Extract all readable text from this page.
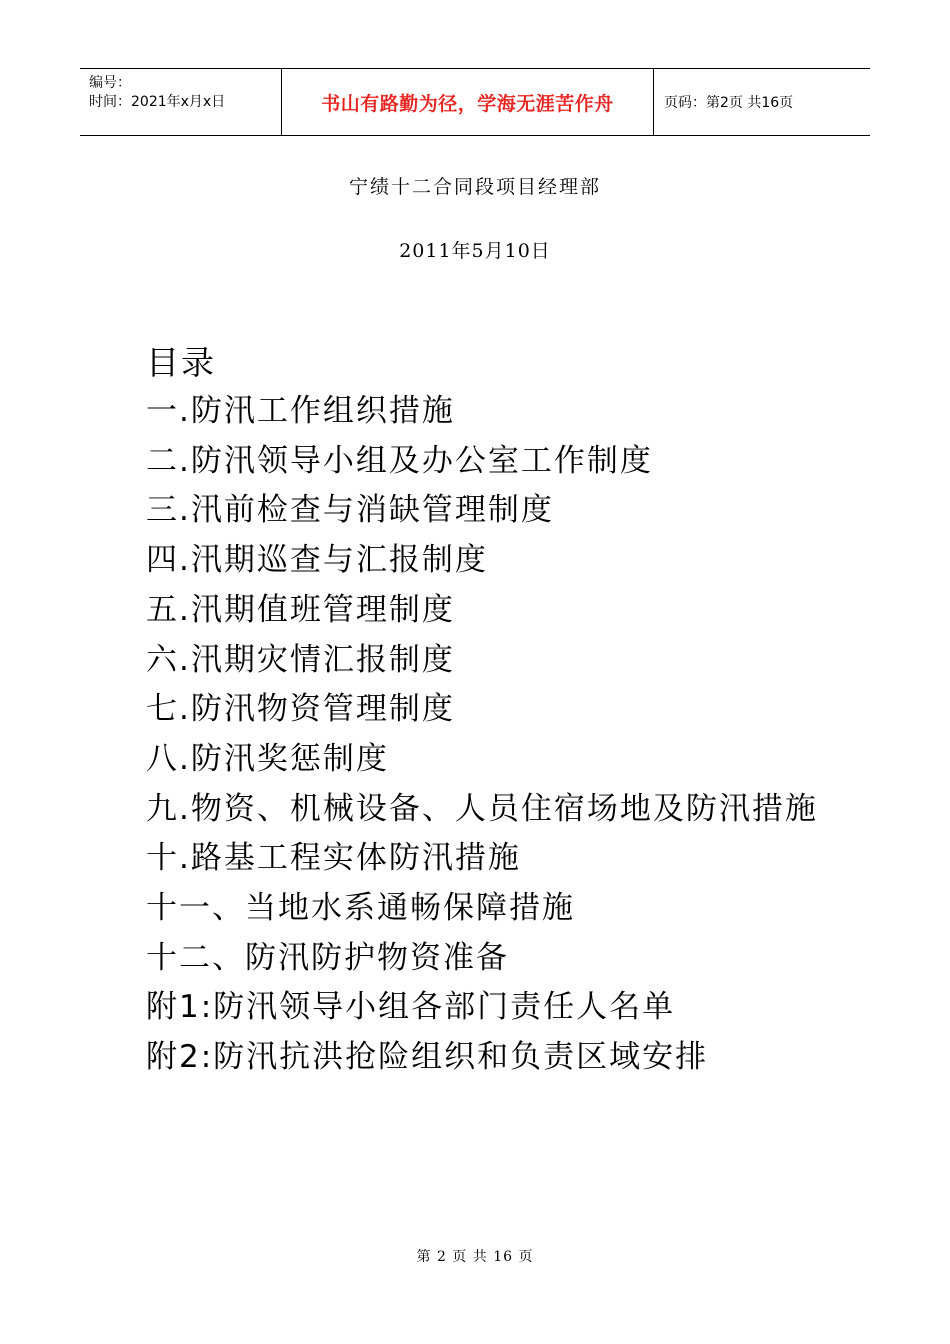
编号：
时间：2021年x月x日	书山有路勤为径，学海无涯苦作舟	页码：第2页 共16页
宁绩十二合同段项目经理部
2011年5月10日
目录
一. 防汛工作组织措施
二. 防汛领导小组及办公室工作制度
三. 汛前检查与消缺管理制度
四. 汛期巡查与汇报制度
五. 汛期值班管理制度
六. 汛期灾情汇报制度
七. 防汛物资管理制度
八. 防汛奖惩制度
九. 物资、机械设备、人员住宿场地及防汛措施
十. 路基工程实体防汛措施
十一、 当地水系通畅保障措施
十二、 防汛防护物资准备
附1: 防汛领导小组各部门责任人名单
附2: 防汛抗洪抢险组织和负责区域安排
第 2 页 共 16 页
